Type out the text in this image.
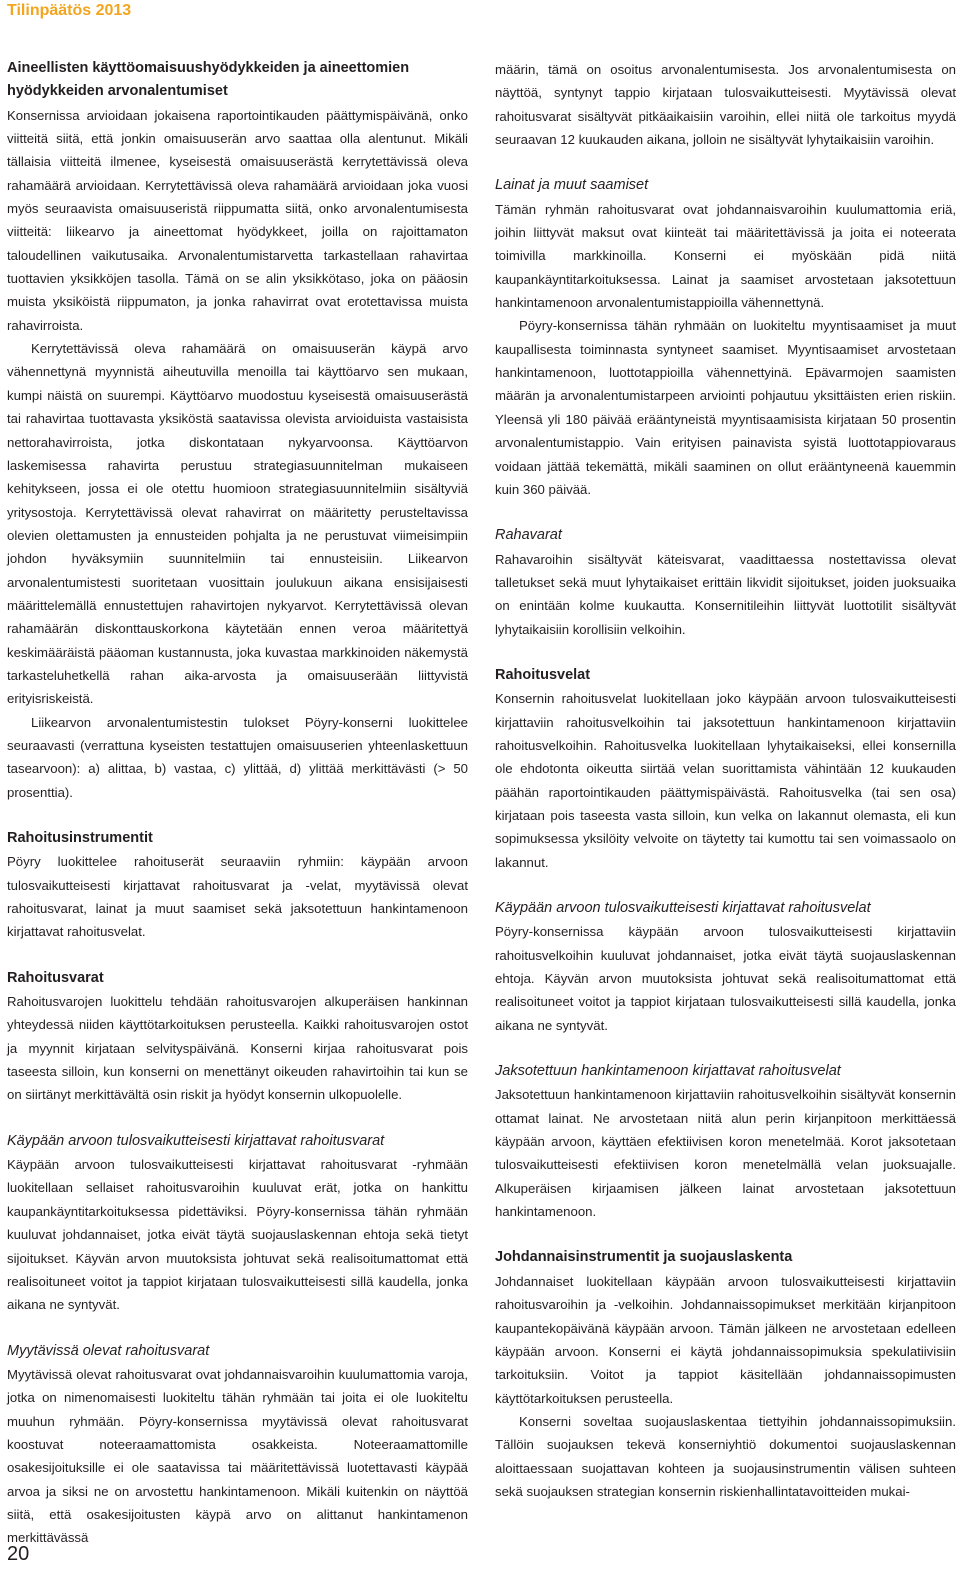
Tilinpäätös 2013
Aineellisten käyttöomaisuushyödykkeiden ja aineettomien hyödykkeiden arvonalentumiset

Konsernissa arvioidaan jokaisena raportointikauden päättymispäivänä, onko viitteitä siitä, että jonkin omaisuuserän arvo saattaa olla alentunut. Mikäli tällaisia viitteitä ilmenee, kyseisestä omaisuuserästä kerrytettävissä oleva rahamäärä arvioidaan. Kerrytettävissä oleva rahamäärä arvioidaan joka vuosi myös seuraavista omaisuuseristä riippumatta siitä, onko arvonalentumisesta viitteitä: liikearvo ja aineettomat hyödykkeet, joilla on rajoittamaton taloudellinen vaikutusaika. Arvonalentumistarvetta tarkastellaan rahavirtaa tuottavien yksikköjen tasolla. Tämä on se alin yksikkötaso, joka on pääosin muista yksiköistä riippumaton, ja jonka rahavirrat ovat erotettavissa muista rahavirroista.

Kerrytettävissä oleva rahamäärä on omaisuuserän käypä arvo vähennettynä myynnistä aiheutuvilla menoilla tai käyttöarvo sen mukaan, kumpi näistä on suurempi. Käyttöarvo muodostuu kyseisestä omaisuuserästä tai rahavirtaa tuottavasta yksiköstä saatavissa olevista arvioiduista vastaisista nettorahavirroista, jotka diskontataan nykyarvoonsa. Käyttöarvon laskemisessa rahavirta perustuu strategiasuunnitelman mukaiseen kehitykseen, jossa ei ole otettu huomioon strategiasuunnitelmiin sisältyviä yritysostoja. Kerrytettävissä olevat rahavirrat on määritetty perusteltavissa olevien olettamusten ja ennusteiden pohjalta ja ne perustuvat viimeisimpiin johdon hyväksymiin suunnitelmiin tai ennusteisiin. Liikearvon arvonalentumistesti suoritetaan vuosittain joulukuun aikana ensisijaisesti määrittelemällä ennustettujen rahavirtojen nykyarvot. Kerrytettävissä olevan rahamäärän diskonttauskorkona käytetään ennen veroa määritettyä keskimääräistä pääoman kustannusta, joka kuvastaa markkinoiden näkemystä tarkasteluhetkellä rahan aika-arvosta ja omaisuuserään liittyvistä erityisriskeistä.

Liikearvon arvonalentumistestin tulokset Pöyry-konserni luokittelee seuraavasti (verrattuna kyseisten testattujen omaisuuserien yhteenlaskettuun tasearvoon): a) alittaa, b) vastaa, c) ylittää, d) ylittää merkittävästi (> 50 prosenttia).

Rahoitusinstrumentit

Pöyry luokittelee rahoituserät seuraaviin ryhmiin: käypään arvoon tulosvaikutteisesti kirjattavat rahoitusvarat ja -velat, myytävissä olevat rahoitusvarat, lainat ja muut saamiset sekä jaksotettuun hankintamenoon kirjattavat rahoitusvelat.

Rahoitusvarat

Rahoitusvarojen luokittelu tehdään rahoitusvarojen alkuperäisen hankinnan yhteydessä niiden käyttötarkoituksen perusteella. Kaikki rahoitusvarojen ostot ja myynnit kirjataan selvityspäivänä. Konserni kirjaa rahoitusvarat pois taseesta silloin, kun konserni on menettänyt oikeuden rahavirtoihin tai kun se on siirtänyt merkittävältä osin riskit ja hyödyt konsernin ulkopuolelle.

Käypään arvoon tulosvaikutteisesti kirjattavat rahoitusvarat

Käypään arvoon tulosvaikutteisesti kirjattavat rahoitusvarat -ryhmään luokitellaan sellaiset rahoitusvaroihin kuuluvat erät, jotka on hankittu kaupankäyntitarkoituksessa pidettäviksi. Pöyry-konsernissa tähän ryhmään kuuluvat johdannaiset, jotka eivät täytä suojauslaskennan ehtoja sekä tietyt sijoitukset. Käyvän arvon muutoksista johtuvat sekä realisoitumattomat että realisoituneet voitot ja tappiot kirjataan tulosvaikutteisesti sillä kaudella, jonka aikana ne syntyvät.

Myytävissä olevat rahoitusvarat

Myytävissä olevat rahoitusvarat ovat johdannaisvaroihin kuulumattomia varoja, jotka on nimenomaisesti luokiteltu tähän ryhmään tai joita ei ole luokiteltu muuhun ryhmään. Pöyry-konsernissa myytävissä olevat rahoitusvarat koostuvat noteeraamattomista osakkeista. Noteeraamattomille osakesijoituksille ei ole saatavissa tai määritettävissä luotettavasti käypää arvoa ja siksi ne on arvostettu hankintamenoon. Mikäli kuitenkin on näyttöä siitä, että osakesijoitusten käypä arvo on alittanut hankintamenon merkittävässä

määrin, tämä on osoitus arvonalentumisesta. Jos arvonalentumisesta on näyttöä, syntynyt tappio kirjataan tulosvaikutteisesti. Myytävissä olevat rahoitusvarat sisältyvät pitkäaikaisiin varoihin, ellei niitä ole tarkoitus myydä seuraavan 12 kuukauden aikana, jolloin ne sisältyvät lyhytaikaisiin varoihin.

Lainat ja muut saamiset

Tämän ryhmän rahoitusvarat ovat johdannaisvaroihin kuulumattomia eriä, joihin liittyvät maksut ovat kiinteät tai määritettävissä ja joita ei noteerata toimivilla markkinoilla. Konserni ei myöskään pidä niitä kaupankäyntitarkoituksessa. Lainat ja saamiset arvostetaan jaksotettuun hankintamenoon arvonalentumistappioilla vähennettynä.

Pöyry-konsernissa tähän ryhmään on luokiteltu myyntisaamiset ja muut kaupallisesta toiminnasta syntyneet saamiset. Myyntisaamiset arvostetaan hankintamenoon, luottotappioilla vähennettyinä. Epävarmojen saamisten määrän ja arvonalentumistarpeen arviointi pohjautuu yksittäisten erien riskiin. Yleensä yli 180 päivää erääntyneistä myyntisaamisista kirjataan 50 prosentin arvonalentumistappio. Vain erityisen painavista syistä luottotappiovaraus voidaan jättää tekemättä, mikäli saaminen on ollut erääntyneenä kauemmin kuin 360 päivää.

Rahavarat

Rahavaroihin sisältyvät käteisvarat, vaadittaessa nostettavissa olevat talletukset sekä muut lyhytaikaiset erittäin likvidit sijoitukset, joiden juoksuaika on enintään kolme kuukautta. Konsernitileihin liittyvät luottotilit sisältyvät lyhytaikaisiin korollisiin velkoihin.

Rahoitusvelat

Konsernin rahoitusvelat luokitellaan joko käypään arvoon tulosvaikutteisesti kirjattaviin rahoitusvelkoihin tai jaksotettuun hankintamenoon kirjattaviin rahoitusvelkoihin. Rahoitusvelka luokitellaan lyhytaikaiseksi, ellei konsernilla ole ehdotonta oikeutta siirtää velan suorittamista vähintään 12 kuukauden päähän raportointikauden päättymispäivästä. Rahoitusvelka (tai sen osa) kirjataan pois taseesta vasta silloin, kun velka on lakannut olemasta, eli kun sopimuksessa yksilöity velvoite on täytetty tai kumottu tai sen voimassaolo on lakannut.

Käypään arvoon tulosvaikutteisesti kirjattavat rahoitusvelat

Pöyry-konsernissa käypään arvoon tulosvaikutteisesti kirjattaviin rahoitusvelkoihin kuuluvat johdannaiset, jotka eivät täytä suojauslaskennan ehtoja. Käyvän arvon muutoksista johtuvat sekä realisoitumattomat että realisoituneet voitot ja tappiot kirjataan tulosvaikutteisesti sillä kaudella, jonka aikana ne syntyvät.

Jaksotettuun hankintamenoon kirjattavat rahoitusvelat

Jaksotettuun hankintamenoon kirjattaviin rahoitusvelkoihin sisältyvät konsernin ottamat lainat. Ne arvostetaan niitä alun perin kirjanpitoon merkittäessä käypään arvoon, käyttäen efektiivisen koron menetelmää. Korot jaksotetaan tulosvaikutteisesti efektiivisen koron menetelmällä velan juoksuajalle. Alkuperäisen kirjaamisen jälkeen lainat arvostetaan jaksotettuun hankintamenoon.

Johdannaisinstrumentit ja suojauslaskenta

Johdannaiset luokitellaan käypään arvoon tulosvaikutteisesti kirjattaviin rahoitusvaroihin ja -velkoihin. Johdannaissopimukset merkitään kirjanpitoon kaupantekopäivänä käypään arvoon. Tämän jälkeen ne arvostetaan edelleen käypään arvoon. Konserni ei käytä johdannaissopimuksia spekulatiivisiin tarkoituksiin. Voitot ja tappiot käsitellään johdannaissopimusten käyttötarkoituksen perusteella.

Konserni soveltaa suojauslaskentaa tiettyihin johdannaissopimuksiin. Tällöin suojauksen tekevä konserniyhtiö dokumentoi suojauslaskennan aloittaessaan suojattavan kohteen ja suojausinstrumentin välisen suhteen sekä suojauksen strategian konsernin riskienhallintatavoitteiden mukai-

20
